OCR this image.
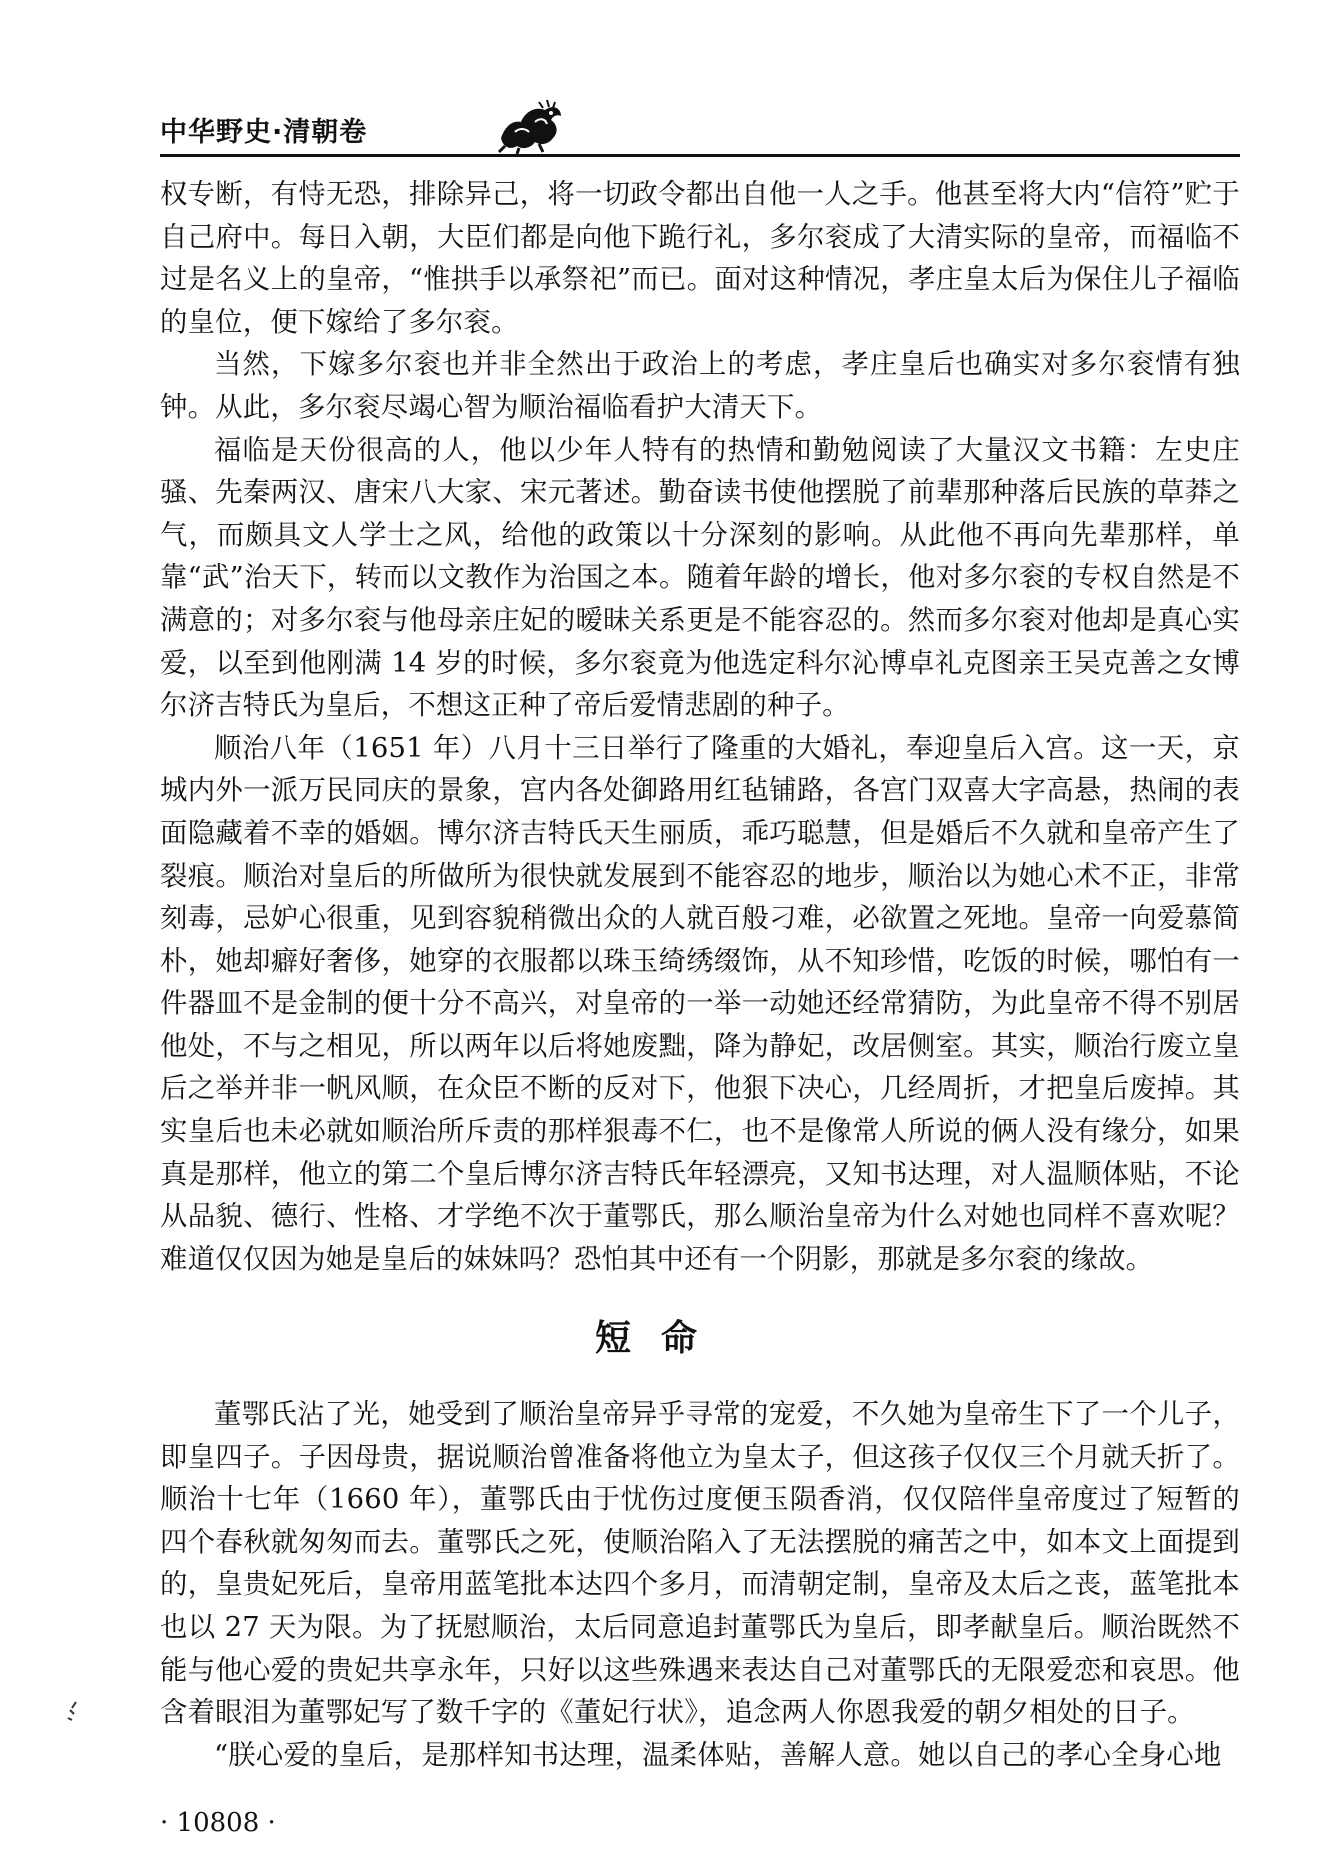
中华野史·清朝卷

权专断，有恃无恐，排除异己，将一切政令都出自他一人之手。他甚至将大内“信符”贮于自己府中。每日入朝，大臣们都是向他下跪行礼，多尔衮成了大清实际的皇帝，而福临不过是名义上的皇帝，“惟拱手以承祭祀”而已。面对这种情况，孝庄皇太后为保住儿子福临的皇位，便下嫁给了多尔衮。

当然，下嫁多尔衮也并非全然出于政治上的考虑，孝庄皇后也确实对多尔衮情有独钟。从此，多尔衮尽竭心智为顺治福临看护大清天下。

福临是天份很高的人，他以少年人特有的热情和勤勉阅读了大量汉文书籍：左史庄骚、先秦两汉、唐宋八大家、宋元著述。勤奋读书使他摆脱了前辈那种落后民族的草莽之气，而颇具文人学士之风，给他的政策以十分深刻的影响。从此他不再向先辈那样，单靠“武”治天下，转而以文教作为治国之本。随着年龄的增长，他对多尔衮的专权自然是不满意的；对多尔衮与他母亲庄妃的暧昧关系更是不能容忍的。然而多尔衮对他却是真心实爱，以至到他刚满 14 岁的时候，多尔衮竟为他选定科尔沁博卓礼克图亲王吴克善之女博尔济吉特氏为皇后，不想这正种了帝后爱情悲剧的种子。

顺治八年（1651 年）八月十三日举行了隆重的大婚礼，奉迎皇后入宫。这一天，京城内外一派万民同庆的景象，宫内各处御路用红毡铺路，各宫门双喜大字高悬，热闹的表面隐藏着不幸的婚姻。博尔济吉特氏天生丽质，乖巧聪慧，但是婚后不久就和皇帝产生了裂痕。顺治对皇后的所做所为很快就发展到不能容忍的地步，顺治以为她心术不正，非常刻毒，忌妒心很重，见到容貌稍微出众的人就百般刁难，必欲置之死地。皇帝一向爱慕简朴，她却癖好奢侈，她穿的衣服都以珠玉绮绣缀饰，从不知珍惜，吃饭的时候，哪怕有一件器皿不是金制的便十分不高兴，对皇帝的一举一动她还经常猜防，为此皇帝不得不别居他处，不与之相见，所以两年以后将她废黜，降为静妃，改居侧室。其实，顺治行废立皇后之举并非一帆风顺，在众臣不断的反对下，他狠下决心，几经周折，才把皇后废掉。其实皇后也未必就如顺治所斥责的那样狠毒不仁，也不是像常人所说的俩人没有缘分，如果真是那样，他立的第二个皇后博尔济吉特氏年轻漂亮，又知书达理，对人温顺体贴，不论从品貌、德行、性格、才学绝不次于董鄂氏，那么顺治皇帝为什么对她也同样不喜欢呢？难道仅仅因为她是皇后的妹妹吗？恐怕其中还有一个阴影，那就是多尔衮的缘故。

短命

董鄂氏沾了光，她受到了顺治皇帝异乎寻常的宠爱，不久她为皇帝生下了一个儿子，即皇四子。子因母贵，据说顺治曾准备将他立为皇太子，但这孩子仅仅三个月就夭折了。顺治十七年（1660 年），董鄂氏由于忧伤过度便玉陨香消，仅仅陪伴皇帝度过了短暂的四个春秋就匆匆而去。董鄂氏之死，使顺治陷入了无法摆脱的痛苦之中，如本文上面提到的，皇贵妃死后，皇帝用蓝笔批本达四个多月，而清朝定制，皇帝及太后之丧，蓝笔批本也以 27 天为限。为了抚慰顺治，太后同意追封董鄂氏为皇后，即孝献皇后。顺治既然不能与他心爱的贵妃共享永年，只好以这些殊遇来表达自己对董鄂氏的无限爱恋和哀思。他含着眼泪为董鄂妃写了数千字的《董妃行状》，追念两人你恩我爱的朝夕相处的日子。

“朕心爱的皇后，是那样知书达理，温柔体贴，善解人意。她以自己的孝心全身心地

· 10808 ·
